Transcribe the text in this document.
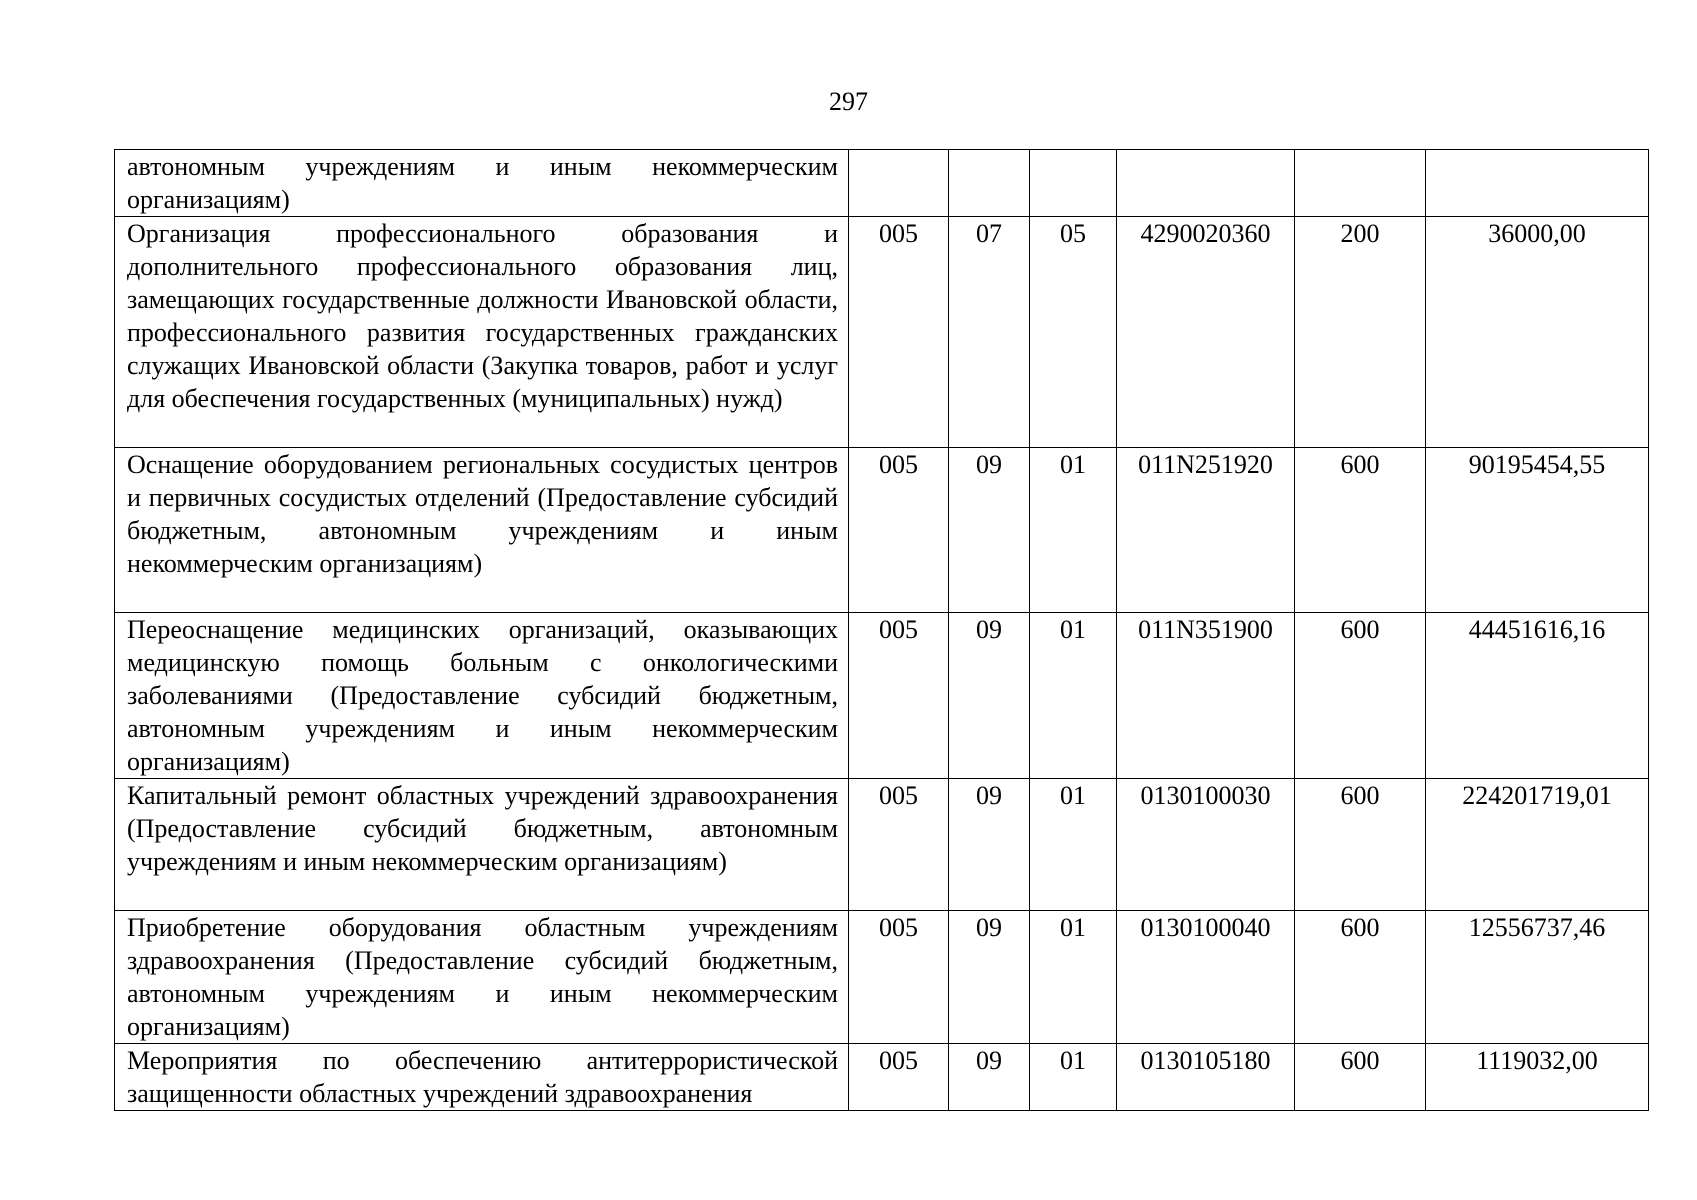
297
автономным учреждениям и иным некоммерческим организациям)						
Организация профессионального образования и дополнительного профессионального образования лиц, замещающих государственные должности Ивановской области, профессионального развития государственных гражданских служащих Ивановской области (Закупка товаров, работ и услуг для обеспечения государственных (муниципальных) нужд)	005	07	05	4290020360	200	36000,00
Оснащение оборудованием региональных сосудистых центров и первичных сосудистых отделений (Предоставление субсидий бюджетным, автономным учреждениям и иным некоммерческим организациям)	005	09	01	011N251920	600	90195454,55
Переоснащение медицинских организаций, оказывающих медицинскую помощь больным с онкологическими заболеваниями (Предоставление субсидий бюджетным, автономным учреждениям и иным некоммерческим организациям)	005	09	01	011N351900	600	44451616,16
Капитальный ремонт областных учреждений здравоохранения (Предоставление субсидий бюджетным, автономным учреждениям и иным некоммерческим организациям)	005	09	01	0130100030	600	224201719,01
Приобретение оборудования областным учреждениям здравоохранения (Предоставление субсидий бюджетным, автономным учреждениям и иным некоммерческим организациям)	005	09	01	0130100040	600	12556737,46
Мероприятия по обеспечению антитеррористической защищенности областных учреждений здравоохранения	005	09	01	0130105180	600	1119032,00
